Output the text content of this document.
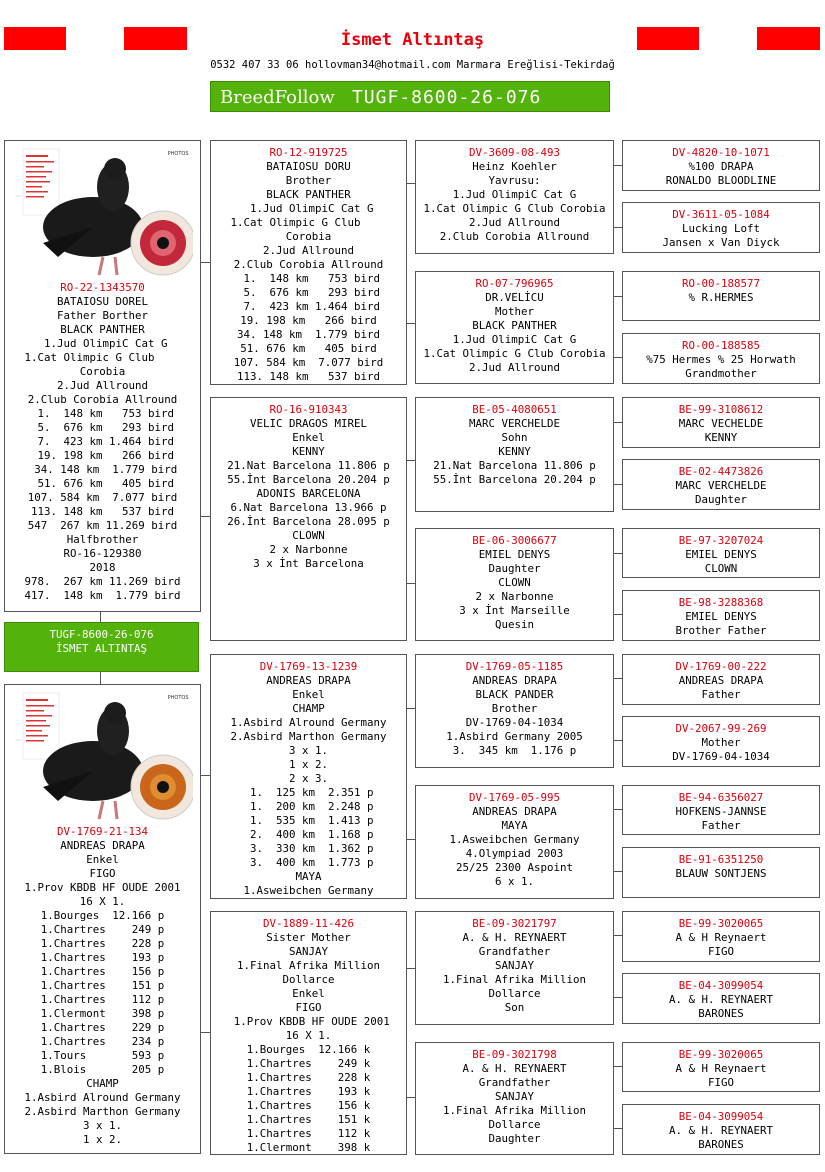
İsmet Altıntaş
0532 407 33 06 hollovman34@hotmail.com Marmara Ereğlisi-Tekirdağ
BreedFollow TUGF-8600-26-076
PHOTOS
RO-22-1343570
BATAIOSU DOREL
Father Borther
BLACK PANTHER
1.Jud OlimpiC Cat G
1.Cat Olimpic G Club
Corobia
2.Jud Allround
2.Club Corobia Allround
1.  148 km   753 bird
5.  676 km   293 bird
7.  423 km 1.464 bird
19. 198 km   266 bird
34. 148 km  1.779 bird
51. 676 km   405 bird
107. 584 km  7.077 bird
113. 148 km   537 bird
547  267 km 11.269 bird
Halfbrother
RO-16-129380
2018
978.  267 km 11.269 bird
417.  148 km  1.779 bird
TUGF-8600-26-076
İSMET ALTINTAŞ
PHOTOS
DV-1769-21-134
ANDREAS DRAPA
Enkel
FIGO
1.Prov KBDB HF OUDE 2001
16 X 1.
1.Bourges  12.166 p
1.Chartres    249 p
1.Chartres    228 p
1.Chartres    193 p
1.Chartres    156 p
1.Chartres    151 p
1.Chartres    112 p
1.Clermont    398 p
1.Chartres    229 p
1.Chartres    234 p
1.Tours       593 p
1.Blois       205 p
CHAMP
1.Asbird Alround Germany
2.Asbird Marthon Germany
3 x 1.
1 x 2.
RO-12-919725
BATAIOSU DORU
Brother
BLACK PANTHER
1.Jud OlimpiC Cat G
1.Cat Olimpic G Club
Corobia
2.Jud Allround
2.Club Corobia Allround
1.  148 km   753 bird
5.  676 km   293 bird
7.  423 km 1.464 bird
19. 198 km   266 bird
34. 148 km  1.779 bird
51. 676 km   405 bird
107. 584 km  7.077 bird
113. 148 km   537 bird
RO-16-910343
VELIC DRAGOS MIREL
Enkel
KENNY
21.Nat Barcelona 11.806 p
55.İnt Barcelona 20.204 p
ADONIS BARCELONA
6.Nat Barcelona 13.966 p
26.İnt Barcelona 28.095 p
CLOWN
2 x Narbonne
3 x İnt Barcelona
DV-1769-13-1239
ANDREAS DRAPA
Enkel
CHAMP
1.Asbird Alround Germany
2.Asbird Marthon Germany
3 x 1.
1 x 2.
2 x 3.
1.  125 km  2.351 p
1.  200 km  2.248 p
1.  535 km  1.413 p
2.  400 km  1.168 p
3.  330 km  1.362 p
3.  400 km  1.773 p
MAYA
1.Asweibchen Germany
DV-1889-11-426
Sister Mother
SANJAY
1.Final Afrika Million
Dollarce
Enkel
FIGO
1.Prov KBDB HF OUDE 2001
16 X 1.
1.Bourges  12.166 k
1.Chartres    249 k
1.Chartres    228 k
1.Chartres    193 k
1.Chartres    156 k
1.Chartres    151 k
1.Chartres    112 k
1.Clermont    398 k
DV-3609-08-493
Heinz Koehler
Yavrusu:
1.Jud OlimpiC Cat G
1.Cat Olimpic G Club Corobia
2.Jud Allround
2.Club Corobia Allround
RO-07-796965
DR.VELİCU
Mother
BLACK PANTHER
1.Jud OlimpiC Cat G
1.Cat Olimpic G Club Corobia
2.Jud Allround
BE-05-4080651
MARC VERCHELDE
Sohn
KENNY
21.Nat Barcelona 11.806 p
55.İnt Barcelona 20.204 p
BE-06-3006677
EMIEL DENYS
Daughter
CLOWN
2 x Narbonne
3 x İnt Marseille
Quesin
DV-1769-05-1185
ANDREAS DRAPA
BLACK PANDER
Brother
DV-1769-04-1034
1.Asbird Germany 2005
3.  345 km  1.176 p
DV-1769-05-995
ANDREAS DRAPA
MAYA
1.Asweibchen Germany
4.Olympiad 2003
25/25 2300 Aspoint
6 x 1.
BE-09-3021797
A. & H. REYNAERT
Grandfather
SANJAY
1.Final Afrika Million
Dollarce
Son
BE-09-3021798
A. & H. REYNAERT
Grandfather
SANJAY
1.Final Afrika Million
Dollarce
Daughter
DV-4820-10-1071
%100 DRAPA
RONALDO BLOODLINE
DV-3611-05-1084
Lucking Loft
Jansen x Van Diyck
RO-00-188577
% R.HERMES
RO-00-188585
%75 Hermes % 25 Horwath
Grandmother
BE-99-3108612
MARC VECHELDE
KENNY
BE-02-4473826
MARC VERCHELDE
Daughter
BE-97-3207024
EMIEL DENYS
CLOWN
BE-98-3288368
EMIEL DENYS
Brother Father
DV-1769-00-222
ANDREAS DRAPA
Father
DV-2067-99-269
Mother
DV-1769-04-1034
BE-94-6356027
HOFKENS-JANNSE
Father
BE-91-6351250
BLAUW SONTJENS
BE-99-3020065
A & H Reynaert
FIGO
BE-04-3099054
A. & H. REYNAERT
BARONES
BE-99-3020065
A & H Reynaert
FIGO
BE-04-3099054
A. & H. REYNAERT
BARONES
